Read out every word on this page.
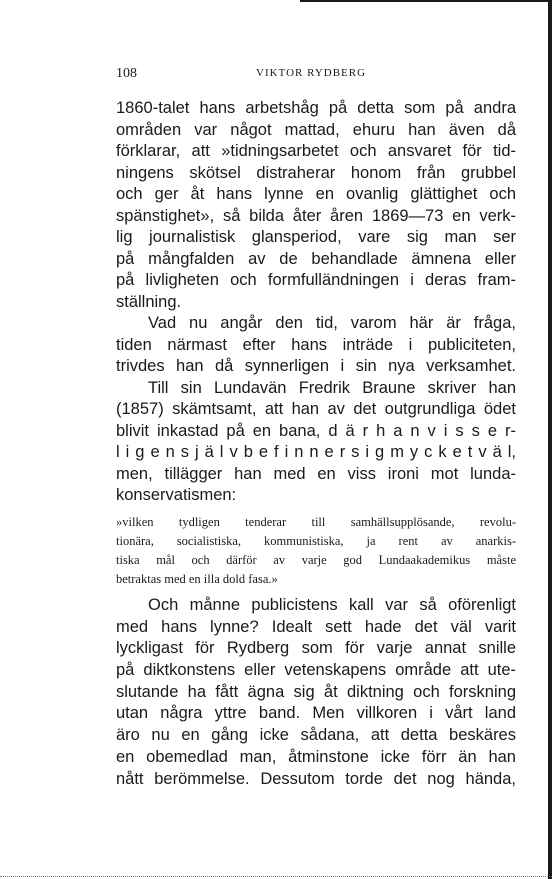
108	VIKTOR RYDBERG
1860-talet hans arbetshåg på detta som på andra
områden var något mattad, ehuru han även då
förklarar, att »tidningsarbetet och ansvaret för tid-
ningens skötsel distraherar honom från grubbel
och ger åt hans lynne en ovanlig glättighet och
spänstighet», så bilda åter åren 1869—73 en verk-
lig journalistisk glansperiod, vare sig man ser
på mångfalden av de behandlade ämnena eller
på livligheten och formfulländningen i deras fram-
ställning.
Vad nu angår den tid, varom här är fråga,
tiden närmast efter hans inträde i publiciteten,
trivdes han då synnerligen i sin nya verksamhet.
Till sin Lundavän Fredrik Braune skriver han
(1857) skämtsamt, att han av det outgrundliga ödet
blivit inkastad på en bana, d ä r h a n v i s s e r-
l i g e n s j ä l v b e f i n n e r s i g m y c k e t v ä l,
men, tillägger han med en viss ironi mot lunda-
konservatismen:
»vilken tydligen tenderar till samhällsupplösande, revolu-
tionära, socialistiska, kommunistiska, ja rent av anarkis-
tiska mål och därför av varje god Lundaakademikus måste
betraktas med en illa dold fasa.»
Och månne publicistens kall var så oförenligt
med hans lynne? Idealt sett hade det väl varit
lyckligast för Rydberg som för varje annat snille
på diktkonstens eller vetenskapens område att ute-
slutande ha fått ägna sig åt diktning och forskning
utan några yttre band. Men villkoren i vårt land
äro nu en gång icke sådana, att detta beskäres
en obemedlad man, åtminstone icke förr än han
nått berömmelse. Dessutom torde det nog hända,
